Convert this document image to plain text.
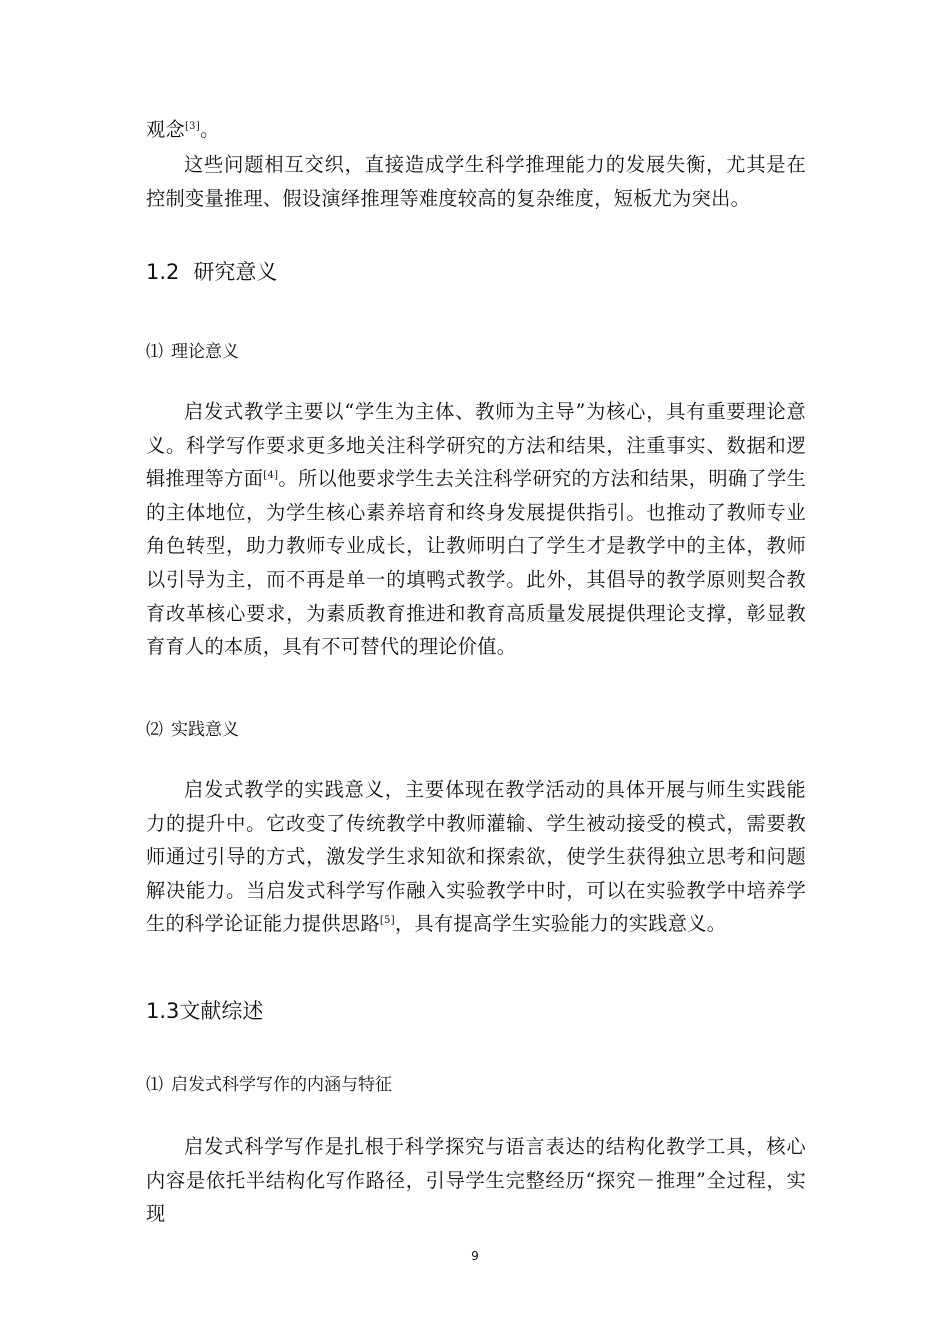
观念[3]。

这些问题相互交织，直接造成学生科学推理能力的发展失衡，尤其是在控制变量推理、假设演绎推理等难度较高的复杂维度，短板尤为突出。

1.2 研究意义

⑴ 理论意义

启发式教学主要以“学生为主体、教师为主导”为核心，具有重要理论意义。科学写作要求更多地关注科学研究的方法和结果，注重事实、数据和逻辑推理等方面[4]。所以他要求学生去关注科学研究的方法和结果，明确了学生的主体地位，为学生核心素养培育和终身发展提供指引。也推动了教师专业角色转型，助力教师专业成长，让教师明白了学生才是教学中的主体，教师以引导为主，而不再是单一的填鸭式教学。此外，其倡导的教学原则契合教育改革核心要求，为素质教育推进和教育高质量发展提供理论支撑，彰显教育育人的本质，具有不可替代的理论价值。

⑵ 实践意义

启发式教学的实践意义，主要体现在教学活动的具体开展与师生实践能力的提升中。它改变了传统教学中教师灌输、学生被动接受的模式，需要教师通过引导的方式，激发学生求知欲和探索欲，使学生获得独立思考和问题解决能力。当启发式科学写作融入实验教学中时，可以在实验教学中培养学生的科学论证能力提供思路[5]，具有提高学生实验能力的实践意义。

1.3文献综述

⑴ 启发式科学写作的内涵与特征

启发式科学写作是扎根于科学探究与语言表达的结构化教学工具，核心内容是依托半结构化写作路径，引导学生完整经历“探究－推理”全过程，实现

9
